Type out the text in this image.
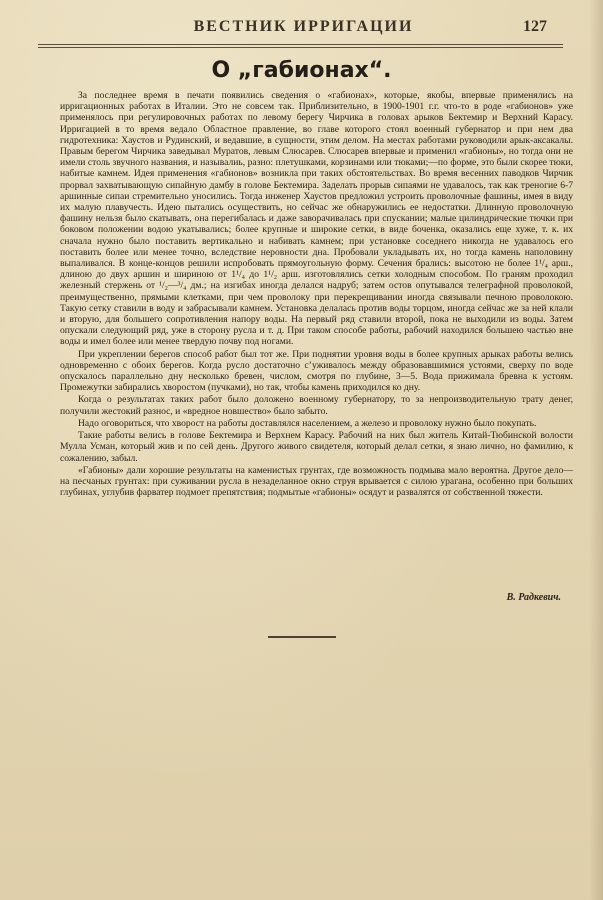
ВЕСТНИК ИРРИГАЦИИ	127
О „габионах“.

За последнее время в печати появились сведения о «габионах», которые, якобы, впервые применялись на ирригационных работах в Италии. Это не совсем так. Приблизительно, в 1900-1901 г.г. что-то в роде «габионов» уже применялось при регулировочных работах по левому берегу Чирчика в головах арыков Бектемир и Верхний Карасу. Ирригацией в то время ведало Областное правление, во главе которого стоял военный губернатор и при нем два гидротехника: Хаустов и Рудинский, и ведавшие, в сущности, этим делом. На местах работами руководили арык-аксакалы. Правым берегом Чирчика заведывал Муратов, левым Слюсарев. Слюсарев впервые и применил «габионы», но тогда они не имели столь звучного названия, и называлиь, разно: плетушками, корзинами или тюками;—по форме, это были скорее тюки, набитые камнем. Идея применения «габионов» возникла при таких обстоятельствах. Во время весенних паводков Чирчик прорвал захватывающую сипайную дамбу в голове Бектемира. Заделать прорыв сипаями не удавалось, так как треногие 6-7 аршинные сипаи стремительно уносились. Тогда инженер Хаустов предложил устроить проволочные фашины, имея в виду их малую плавучесть. Идею пытались осуществить, но сейчас же обнаружились ее недостатки. Длинную проволочную фашину нельзя было скатывать, она перегибалась и даже заворачивалась при спускании; малые цилиндрические тючки при боковом положении водою укатывались; более крупные и широкие сетки, в виде боченка, оказались еще хуже, т. к. их сначала нужно было поставить вертикально и набивать камнем; при установке соседнего никогда не удавалось его поставить более или менее точно, вследствие неровности дна. Пробовали укладывать их, но тогда камень наполовину выпаливался. В конце-концов решили испробовать прямоугольную форму. Сечения брались: высотою не более 1¹/₄ арш., длиною до двух аршин и шириною от 1¹/₄ до 1¹/₂ арш. изготовлялись сетки холодным способом. По граням проходил железный стержень от ¹/₂—³/₄ дм.; на изгибах иногда делался надруб; затем остов опутывался телеграфной проволокой, преимущественно, прямыми клетками, при чем проволоку при перекрещивании иногда связывали печною проволокою. Такую сетку ставили в воду и забрасывали камнем. Установка делалась против воды торцом, иногда сейчас же за ней клали и вторую, для большего сопротивления напору воды. На первый ряд ставили второй, пока не выходили из воды. Затем опускали следующий ряд, уже в сторону русла и т. д. При таком способе работы, рабочий находился большею частью вне воды и имел более или менее твердую почву под ногами.

При укреплении берегов способ работ был тот же. При поднятии уровня воды в более крупных арыках работы велись одновременно с обоих берегов. Когда русло достаточно сʼуживалось между образовавшимися устоями, сверху по воде опускалось параллельно дну несколько бревен, числом, смотря по глубине, 3—5. Вода прижимала бревна к устоям. Промежутки забирались хворостом (пучками), но так, чтобы камень приходился ко дну.

Когда о результатах таких работ было доложено военному губернатору, то за непроизводительную трату денег, получили жестокий разнос, и «вредное новшество» было забыто.

Надо оговориться, что хворост на работы доставлялся населением, а железо и проволоку нужно было покупать.

Такие работы велись в голове Бектемира и Верхнем Карасу. Рабочий на них был житель Китай-Тюбинской волости Мулла Усман, который жив и по сей день. Другого живого свидетеля, который делал сетки, я знаю лично, но фамилию, к сожалению, забыл.

«Габионы» дали хорошие результаты на каменистых грунтах, где возможность подмыва мало вероятна. Другое дело—на песчаных грунтах: при суживании русла в незаделанное окно струя врывается с силою урагана, особенно при больших глубинах, углубив фарватер подмоет препятствия; подмытые «габионы» осядут и развалятся от собственной тяжести.

В. Радкевич.
